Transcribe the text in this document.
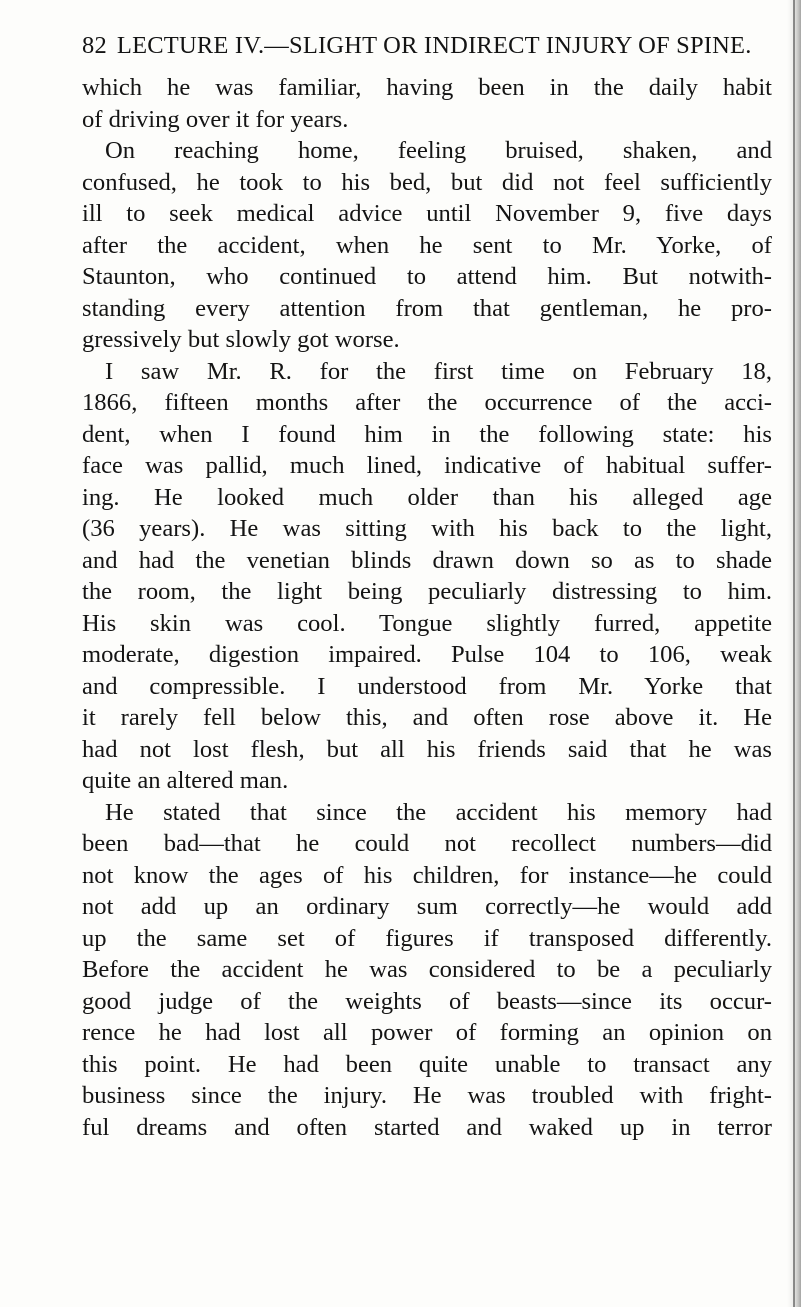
82 LECTURE IV.—SLIGHT OR INDIRECT INJURY OF SPINE.
which he was familiar, having been in the daily habit
of driving over it for years.
On reaching home, feeling bruised, shaken, and
confused, he took to his bed, but did not feel sufficiently
ill to seek medical advice until November 9, five days
after the accident, when he sent to Mr. Yorke, of
Staunton, who continued to attend him. But notwith-
standing every attention from that gentleman, he pro-
gressively but slowly got worse.
I saw Mr. R. for the first time on February 18,
1866, fifteen months after the occurrence of the acci-
dent, when I found him in the following state: his
face was pallid, much lined, indicative of habitual suffer-
ing. He looked much older than his alleged age
(36 years). He was sitting with his back to the light,
and had the venetian blinds drawn down so as to shade
the room, the light being peculiarly distressing to him.
His skin was cool. Tongue slightly furred, appetite
moderate, digestion impaired. Pulse 104 to 106, weak
and compressible. I understood from Mr. Yorke that
it rarely fell below this, and often rose above it. He
had not lost flesh, but all his friends said that he was
quite an altered man.
He stated that since the accident his memory had
been bad—that he could not recollect numbers—did
not know the ages of his children, for instance—he could
not add up an ordinary sum correctly—he would add
up the same set of figures if transposed differently.
Before the accident he was considered to be a peculiarly
good judge of the weights of beasts—since its occur-
rence he had lost all power of forming an opinion on
this point. He had been quite unable to transact any
business since the injury. He was troubled with fright-
ful dreams and often started and waked up in terror
